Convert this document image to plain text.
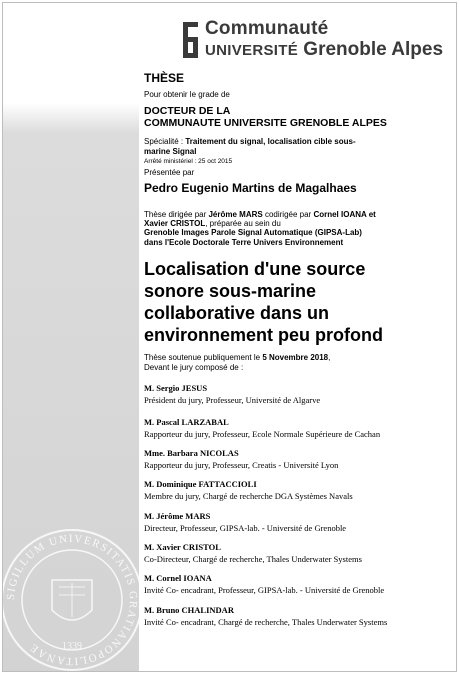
SIGILLUM UNIVERSITATIS GRATIANOPOLITANAE	1339
Communauté
UNIVERSITÉ Grenoble Alpes
THÈSE
Pour obtenir le grade de
DOCTEUR DE LA
COMMUNAUTE UNIVERSITE GRENOBLE ALPES
Spécialité : Traitement du signal, localisation cible sous-
marine Signal
Arrêté ministériel : 25 oct 2015
Présentée par
Pedro Eugenio Martins de Magalhaes
Thèse dirigée par Jérôme MARS codirigée par Cornel IOANA et
Xavier CRISTOL, préparée au sein du
Grenoble Images Parole Signal Automatique (GIPSA-Lab)
dans l'Ecole Doctorale Terre Univers Environnement
Localisation d'une source
sonore sous-marine
collaborative dans un
environnement peu profond
Thèse soutenue publiquement le 5 Novembre 2018,
Devant le jury composé de :
M. Sergio JESUS
Président du jury, Professeur, Université de Algarve
M. Pascal LARZABAL
Rapporteur du jury, Professeur, Ecole Normale Supérieure de Cachan
Mme. Barbara NICOLAS
Rapporteur du jury, Professeur, Creatis - Université Lyon
M. Dominique FATTACCIOLI
Membre du jury, Chargé de recherche DGA Systèmes Navals
M. Jérôme MARS
Directeur, Professeur, GIPSA-lab. - Université de Grenoble
M. Xavier CRISTOL
Co-Directeur, Chargé de recherche, Thales Underwater Systems
M. Cornel IOANA
Invité Co- encadrant, Professeur, GIPSA-lab. - Université de Grenoble
M. Bruno CHALINDAR
Invité Co- encadrant, Chargé de recherche, Thales Underwater Systems
